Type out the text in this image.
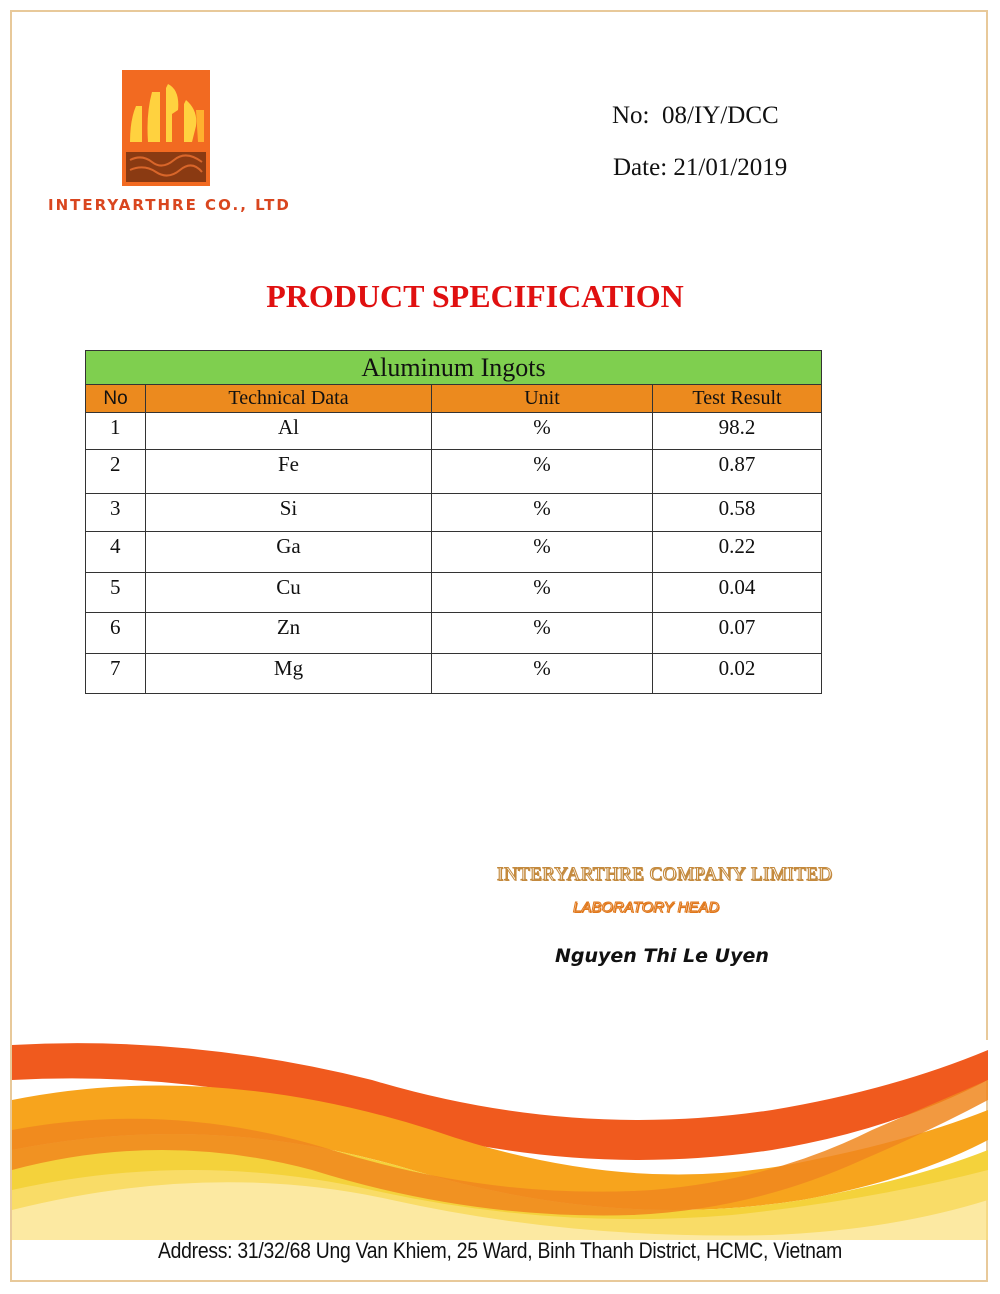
INTERYARTHRE CO., LTD
No:  08/IY/DCC
Date: 21/01/2019
PRODUCT SPECIFICATION
Aluminum Ingots			
No	Technical Data	Unit	Test Result
1	Al	%	98.2
2	Fe	%	0.87
3	Si	%	0.58
4	Ga	%	0.22
5	Cu	%	0.04
6	Zn	%	0.07
7	Mg	%	0.02
INTERYARTHRE COMPANY LIMITED
LABORATORY HEAD
Nguyen Thi Le Uyen
Address: 31/32/68 Ung Van Khiem, 25 Ward, Binh Thanh District, HCMC, Vietnam
